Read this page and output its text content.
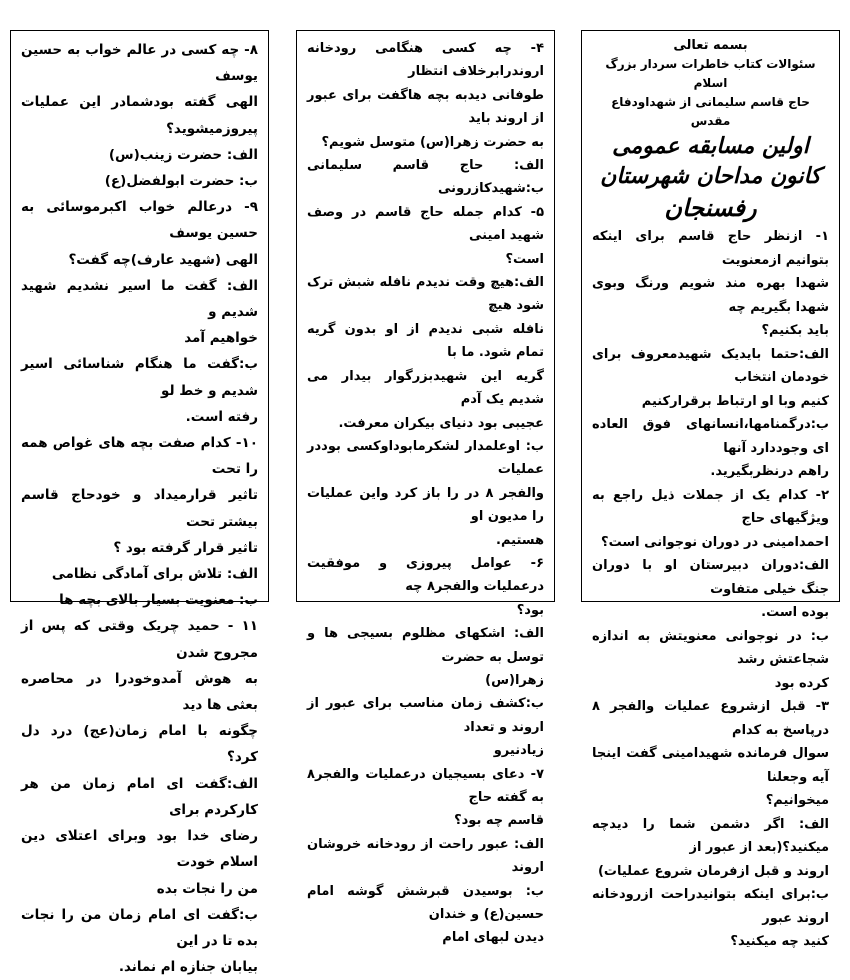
بسمه تعالی

سئوالات کتاب خاطرات سردار بزرگ اسلام

حاج قاسم سلیمانی از شهداودفاع مقدس

اولین مسابقه عمومی

کانون مداحان شهرستان

رفسنجان

۱- ازنظر حاج قاسم برای اینکه بتوانیم ازمعنویت

شهدا بهره مند شویم ورنگ وبوی شهدا بگیریم چه

باید بکنیم؟

الف:حتما بایدیک شهیدمعروف برای خودمان انتخاب

کنیم وبا او ارتباط برقرارکنیم

ب:درگمنامها،انسانهای فوق العاده ای وجوددارد آنها

راهم درنظربگیرید.

۲- کدام یک از جملات ذیل راجع به ویژگیهای حاج

احمدامینی در دوران نوجوانی است؟

الف:دوران دبیرستان او با دوران جنگ خیلی متفاوت

بوده است.

ب: در نوجوانی معنویتش به اندازه شجاعتش رشد

کرده بود

۳- قبل ازشروع عملیات والفجر ۸ درپاسخ به کدام

سوال فرمانده شهیدامینی گفت اینجا آیه وجعلنا

میخوانیم؟

الف: اگر دشمن شما را دیدچه میکنید؟(بعد از عبور از

اروند و قبل ازفرمان شروع عملیات)

ب:برای اینکه بتوانیدراحت ازرودخانه اروند عبور

کنید چه میکنید؟

۴- چه کسی هنگامی رودخانه اروندرابرخلاف انتظار

طوفانی دیدبه بچه هاگفت برای عبور از اروند باید

به حضرت زهرا(س) متوسل شویم؟

الف: حاج قاسم سلیمانی ب:شهیدکازرونی

۵- کدام جمله حاج قاسم در وصف شهید امینی

است؟

الف:هیچ وقت ندیدم نافله شبش ترک شود هیچ

نافله شبی ندیدم از او بدون گریه تمام شود. ما با

گریه این شهیدبزرگوار بیدار می شدیم یک آدم

عجیبی بود دنیای بیکران معرفت.

ب: اوعلمدار لشکرمابوداوکسی بوددر عملیات

والفجر ۸ در را باز کرد واین عملیات را مدیون او

هستیم.

۶- عوامل پیروزی و موفقیت درعملیات والفجر۸ چه

بود؟

الف: اشکهای مظلوم بسیجی ها و توسل به حضرت

زهرا(س)

ب:کشف زمان مناسب برای عبور از اروند و تعداد

زیادنیرو

۷- دعای بسیجیان درعملیات والفجر۸ به گفته حاج

قاسم چه بود؟

الف: عبور راحت از رودخانه خروشان اروند

ب: بوسیدن قبرشش گوشه امام حسین(ع) و خندان

دیدن لبهای امام

۸- چه کسی در عالم خواب به حسین یوسف

الهی گفته بودشمادر این عملیات پیروزمیشوید؟

الف: حضرت زینب(س)

ب: حضرت ابولفضل(ع)

۹- درعالم خواب اکبرموسائی به حسین یوسف

الهی (شهید عارف)چه گفت؟

الف: گفت ما اسیر نشدیم شهید شدیم و

خواهیم آمد

ب:گفت ما هنگام شناسائی اسیر شدیم و خط لو

رفته است.

۱۰- کدام صفت بچه های غواص همه را تحت

تاثیر قرارمیداد و خودحاج قاسم بیشتر تحت

تاثیر قرار گرفته بود ؟

الف: تلاش برای آمادگی نظامی

ب: معنویت بسیار بالای بچه ها

۱۱ - حمید چریک وقتی که پس از مجروح شدن

به هوش آمدوخودرا در محاصره بعثی ها دید

چگونه با امام زمان(عج) درد دل کرد؟

الف:گفت ای امام زمان من هر کارکردم برای

رضای خدا بود وبرای اعتلای دین اسلام خودت

من را نجات بده

ب:گفت ای امام زمان من را نجات بده تا در این

بیابان جنازه ام نماند.
